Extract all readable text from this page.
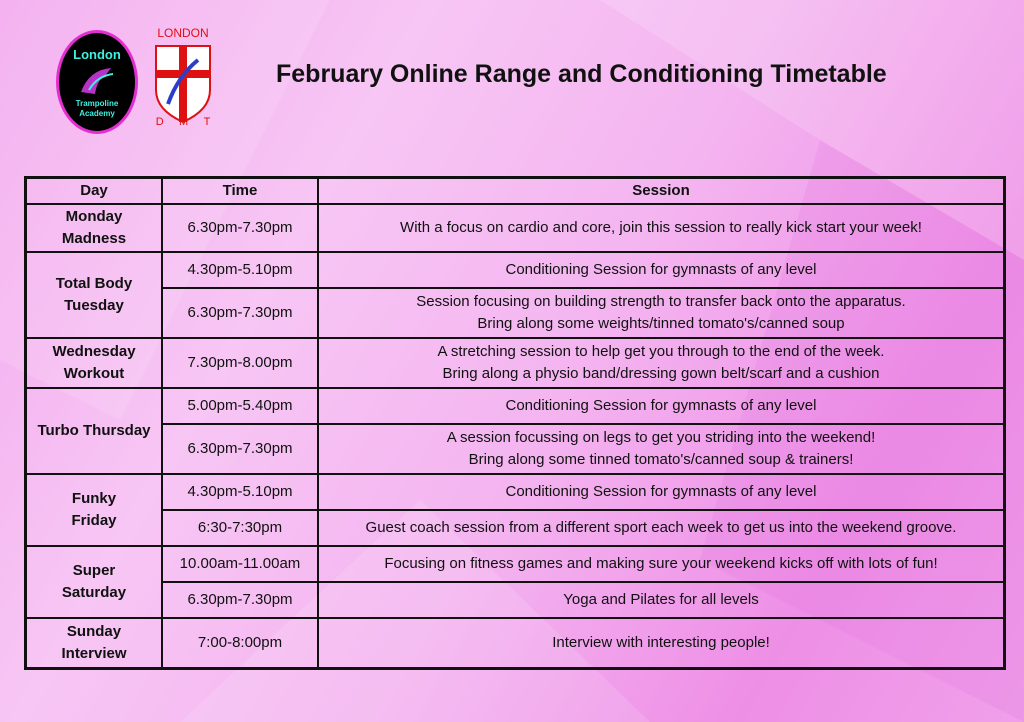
London
Trampoline
Academy
LONDON
D M T
February Online Range and Conditioning Timetable
Day	Time	Session

Monday
Madness	6.30pm-7.30pm	With a focus on cardio and core, join this session to really kick start your week!

Total Body
Tuesday	4.30pm-5.10pm	Conditioning Session for gymnasts of any level

	6.30pm-7.30pm	Session focusing on building strength to transfer back onto the apparatus.
Bring along some weights/tinned tomato's/canned soup

Wednesday
Workout	7.30pm-8.00pm	A stretching session to help get you through to the end of the week.
Bring along a physio band/dressing gown belt/scarf and a cushion

Turbo Thursday	5.00pm-5.40pm	Conditioning Session for gymnasts of any level

	6.30pm-7.30pm	A session focussing on legs to get you striding into the weekend!
Bring along some tinned tomato's/canned soup & trainers!

Funky
Friday	4.30pm-5.10pm	Conditioning Session for gymnasts of any level

	6:30-7:30pm	Guest coach session from a different sport each week to get us into the weekend groove.

Super
Saturday	10.00am-11.00am	Focusing on fitness games and making sure your weekend kicks off with lots of fun!

	6.30pm-7.30pm	Yoga and Pilates for all levels

Sunday
Interview	7:00-8:00pm	Interview with interesting people!
